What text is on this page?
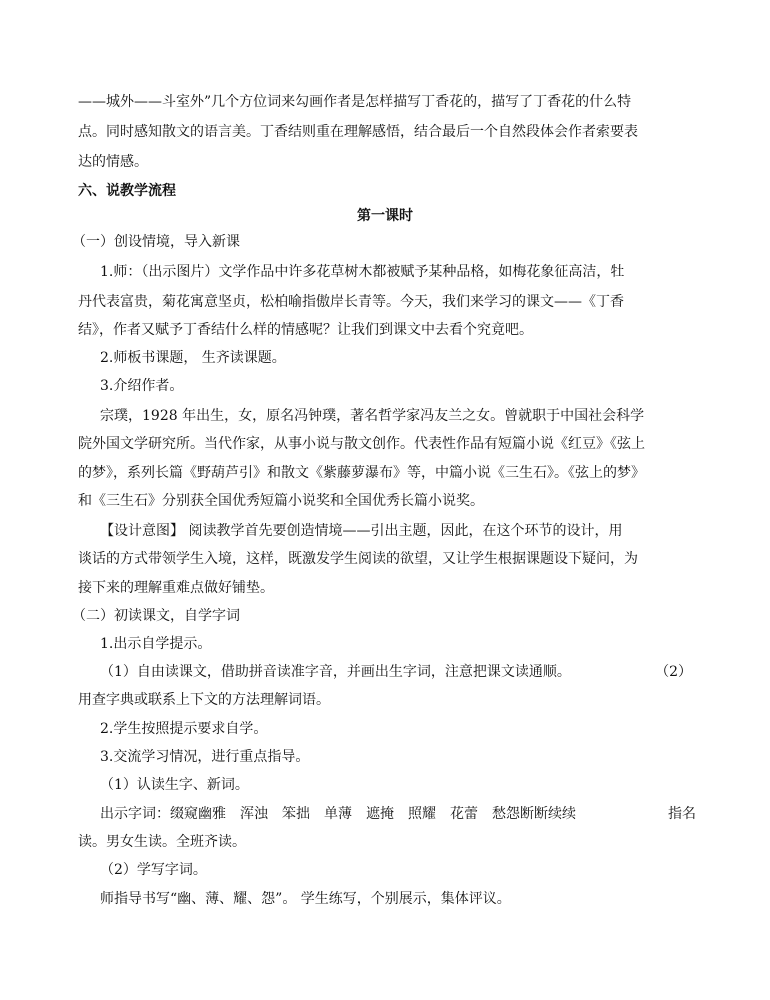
——城外——斗室外”几个方位词来勾画作者是怎样描写丁香花的，描写了丁香花的什么特
点。同时感知散文的语言美。丁香结则重在理解感悟，结合最后一个自然段体会作者索要表
达的情感。
六、说教学流程
第一课时
（一）创设情境，导入新课
1.师：（出示图片）文学作品中许多花草树木都被赋予某种品格，如梅花象征高洁，牡
丹代表富贵，菊花寓意坚贞，松柏喻指傲岸长青等。今天，我们来学习的课文——《丁香
结》，作者又赋予丁香结什么样的情感呢？让我们到课文中去看个究竟吧。
2.师板书课题， 生齐读课题。
3.介绍作者。
宗璞，1928 年出生，女，原名冯钟璞，著名哲学家冯友兰之女。曾就职于中国社会科学
院外国文学研究所。当代作家，从事小说与散文创作。代表性作品有短篇小说《红豆》《弦上
的梦》，系列长篇《野葫芦引》和散文《紫藤萝瀑布》等，中篇小说《三生石》。《弦上的梦》
和《三生石》分别获全国优秀短篇小说奖和全国优秀长篇小说奖。
【设计意图】 阅读教学首先要创造情境——引出主题，因此，在这个环节的设计，用
谈话的方式带领学生入境，这样，既激发学生阅读的欲望，又让学生根据课题设下疑问，为
接下来的理解重难点做好铺垫。
（二）初读课文，自学字词
1.出示自学提示。
（1）自由读课文，借助拼音读准字音，并画出生字词，注意把课文读通顺。	（2）
用查字典或联系上下文的方法理解词语。
2.学生按照提示要求自学。
3.交流学习情况，进行重点指导。
（1）认读生字、新词。
出示字词：缀窥幽雅 浑浊 笨拙 单薄 遮掩 照耀 花蕾 愁怨断断续续	指名
读。男女生读。全班齐读。
（2）学写字词。
师指导书写“幽、薄、耀、怨”。 学生练写，个别展示，集体评议。
